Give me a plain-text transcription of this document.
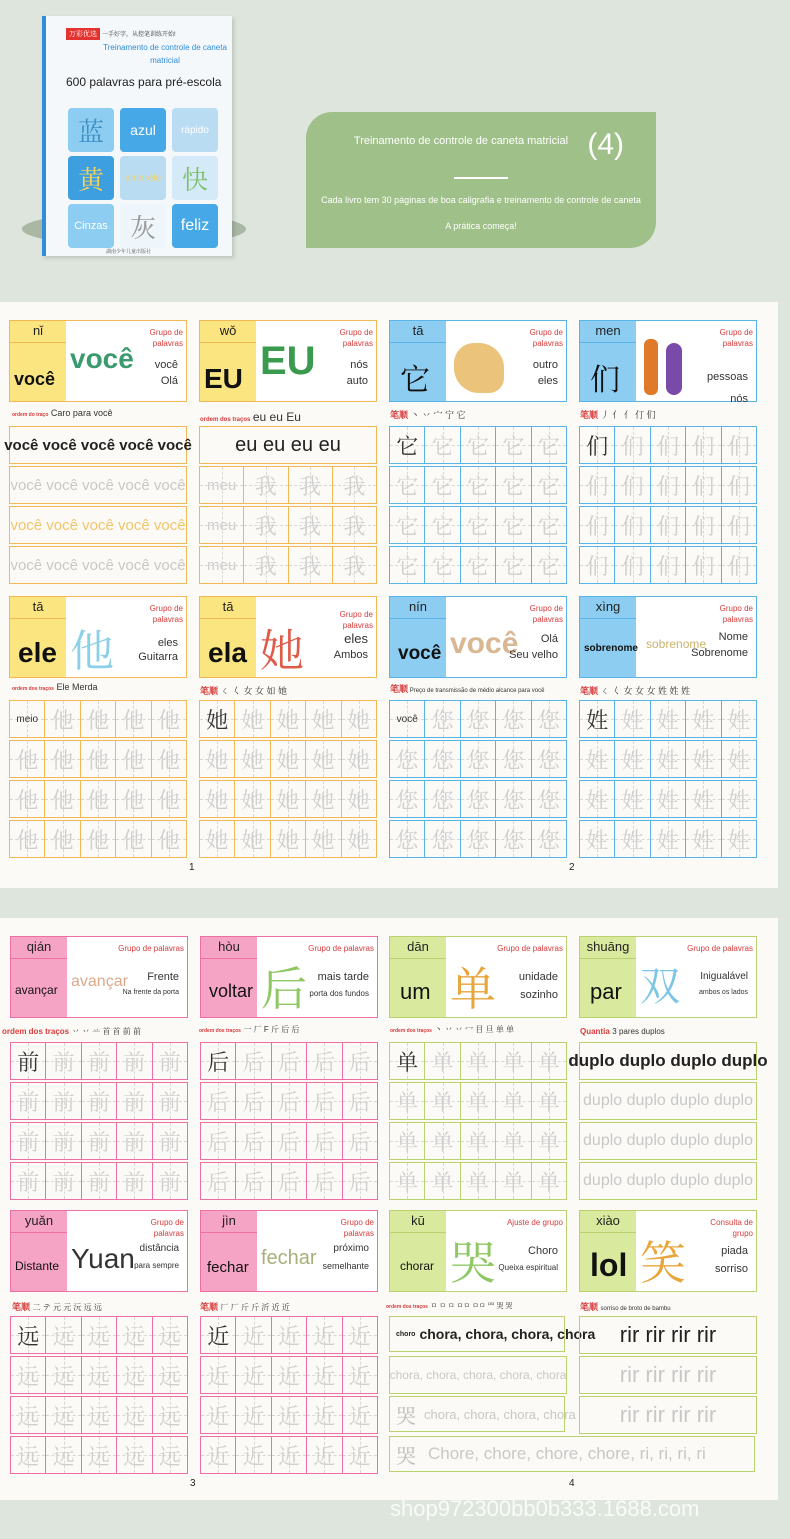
万彩优选 一手好字，从控笔训练开始!
Treinamento de controle de caneta matricial
600 palavras para pré-escola
蓝	azul	rápido
黄	amarelo 快
Cinzas 灰	feliz
湖南少年儿童出版社
Treinamento de controle de caneta matricial (4)
Cada livro tem 30 páginas de boa caligrafia e treinamento de controle de caneta
A prática começa!
nǐ
você
você
Grupo de palavras
você
Olá
wǒ
EU EU
Grupo de palavras
nós
auto
tā
它
Grupo de palavras
outro
eles
men
们
Grupo de palavras
pessoas
nós
ordem do traço Caro para você
ordem dos traços eu eu Eu	笔顺 丶 丷 宀 宁 它	笔顺 丿 亻 亻 仃 们
você você você você você
você você você você você
você você você você você
você você você você você
eu eu eu eu
meu 我 我 我
meu 我 我 我
meu 我 我 我
它 它 它 它 它
它 它 它 它 它
它 它 它 它 它
它 它 它 它 它
们 们 们 们 们
们 们 们 们 们
们 们 们 们 们
们 们 们 们 们
tā
ele 他
Grupo de palavras
eles
Guitarra
tā
ela 她
Grupo de palavras
eles
Ambos
nín
você você
Grupo de palavras
Olá
Seu velho
xìng
sobrenome sobrenome
Grupo de palavras
Nome
Sobrenome
ordem dos traços Ele Merda	笔顺 ㄑ 𡿨 女 女 如 她	笔顺 Preço de transmissão de médio alcance para você	笔顺 ㄑ 𡿨 女 女 女 姓 姓 姓
meio 他 他 他 他
他 他 他 他 他
他 他 他 他 他
他 他 他 他 他
她 她 她 她 她
她 她 她 她 她
她 她 她 她 她
她 她 她 她 她
você 您 您 您 您
您 您 您 您 您
您 您 您 您 您
您 您 您 您 您
姓 姓 姓 姓 姓
姓 姓 姓 姓 姓
姓 姓 姓 姓 姓
姓 姓 姓 姓 姓
1	2
qián
avançar avançar
Grupo de palavras
Frente
Na frente da porta
hòu
voltar 后
Grupo de palavras
mais tarde
porta dos fundos
dān
um 单
Grupo de palavras
unidade
sozinho
shuāng
par 双
Grupo de palavras
Inigualável
ambos os lados
ordem dos traços 丷 丷 䒑 首 首 前 前	ordem dos traços 一 厂 F 斤 后 后	ordem dos traços 丶 丷 丷 冖 目 旦 单 单	Quantia 3 pares duplos
前 前 前 前 前
前 前 前 前 前
前 前 前 前 前
前 前 前 前 前
后 后 后 后 后
后 后 后 后 后
后 后 后 后 后
后 后 后 后 后
单 单 单 单 单
单 单 单 单 单
单 单 单 单 单
单 单 单 单 单
duplo duplo duplo duplo
duplo duplo duplo duplo
duplo duplo duplo duplo
duplo duplo duplo duplo
yuǎn
Distante Yuan
Grupo de palavras
distância
para sempre
jìn
fechar fechar
Grupo de palavras
próximo
semelhante
kū
chorar 哭
Ajuste de grupo
Choro
Queixa espiritual
xiào
lol 笑
Consulta de grupo
piada
sorriso
笔顺 二 テ 元 元 沅 远 远	笔顺 厂 厂 斤 斤 沂 近 近	ordem dos traços ㅁ ㅁ ㅁ ㅁㅁ ㅁㅁ 罒 哭 哭	笔顺 sorriso de broto de bambu
远 远 远 远 远
远 远 远 远 远
远 远 远 远 远
远 远 远 远 远
近 近 近 近 近
近 近 近 近 近
近 近 近 近 近
近 近 近 近 近
choro chora, chora, chora, chora
chora, chora, chora, chora, chora
哭 chora, chora, chora, chora
哭 Chore, chore, chore, chore, ri, ri, ri, ri
rir rir rir rir
rir rir rir rir
rir rir rir rir
3	4
shop972300bb0b333.1688.com
